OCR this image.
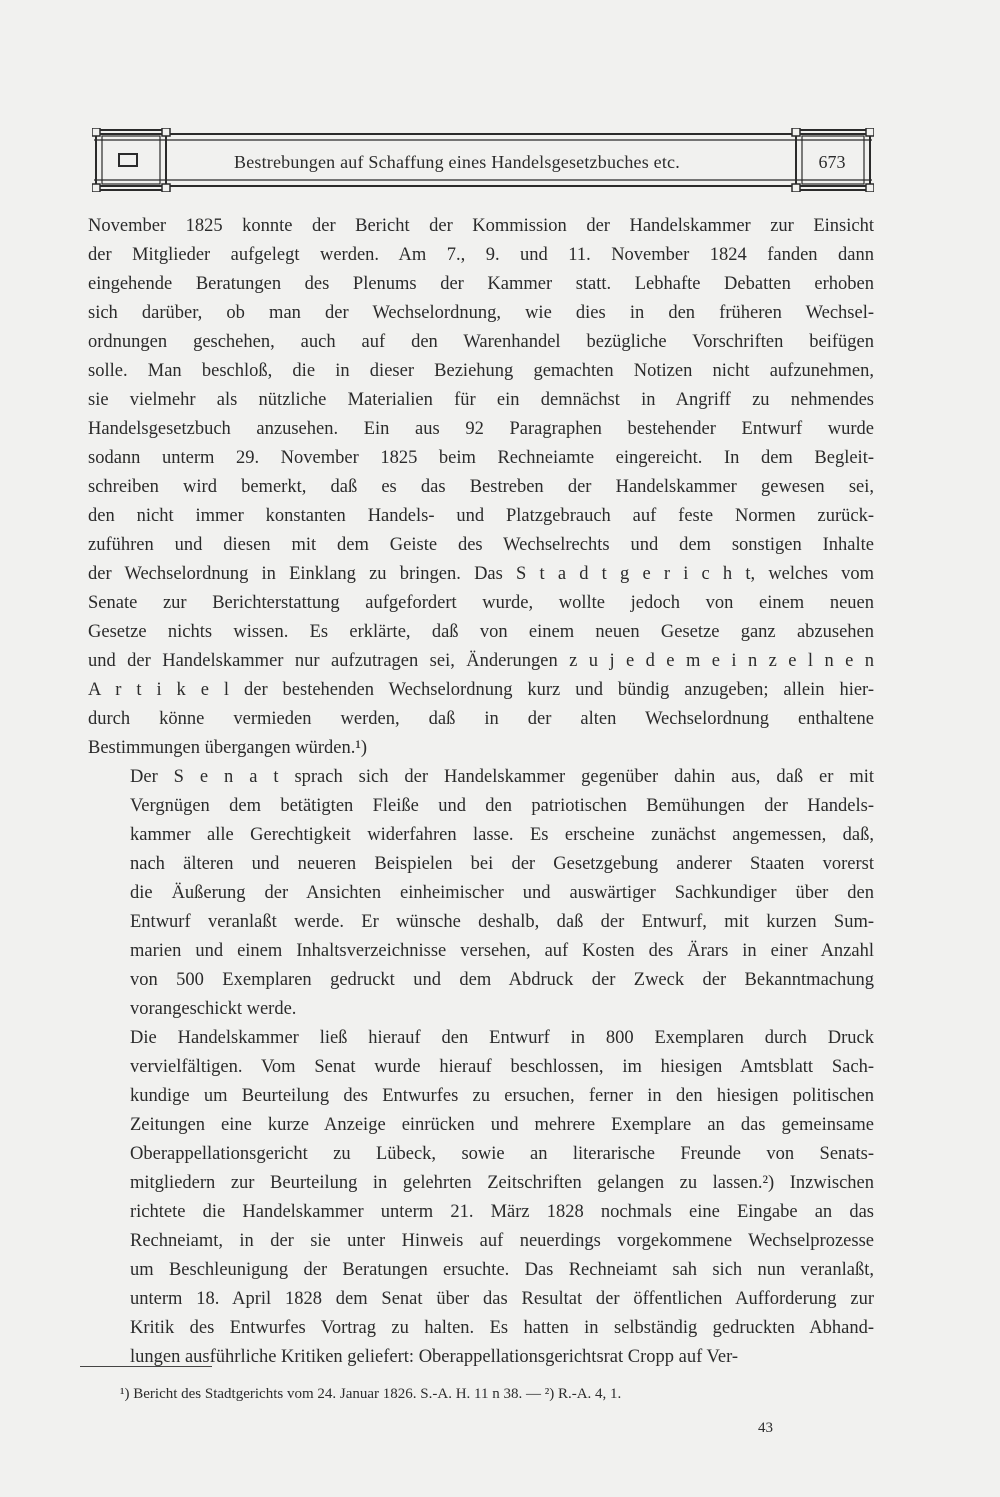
Bestrebungen auf Schaffung eines Handelsgesetzbuches etc.	673

November 1825 konnte der Bericht der Kommission der Handelskammer zur Einsicht
der Mitglieder aufgelegt werden. Am 7., 9. und 11. November 1824 fanden dann
eingehende Beratungen des Plenums der Kammer statt. Lebhafte Debatten erhoben
sich darüber, ob man der Wechselordnung, wie dies in den früheren Wechsel-
ordnungen geschehen, auch auf den Warenhandel bezügliche Vorschriften beifügen
solle. Man beschloß, die in dieser Beziehung gemachten Notizen nicht aufzunehmen,
sie vielmehr als nützliche Materialien für ein demnächst in Angriff zu nehmendes
Handelsgesetzbuch anzusehen. Ein aus 92 Paragraphen bestehender Entwurf wurde
sodann unterm 29. November 1825 beim Rechneiamte eingereicht. In dem Begleit-
schreiben wird bemerkt, daß es das Bestreben der Handelskammer gewesen sei,
den nicht immer konstanten Handels- und Platzgebrauch auf feste Normen zurück-
zuführen und diesen mit dem Geiste des Wechselrechts und dem sonstigen Inhalte
der Wechselordnung in Einklang zu bringen. Das S t a d t g e r i c h t, welches vom
Senate zur Berichterstattung aufgefordert wurde, wollte jedoch von einem neuen
Gesetze nichts wissen. Es erklärte, daß von einem neuen Gesetze ganz abzusehen
und der Handelskammer nur aufzutragen sei, Änderungen z u j e d e m e i n z e l n e n
A r t i k e l der bestehenden Wechselordnung kurz und bündig anzugeben; allein hier-
durch könne vermieden werden, daß in der alten Wechselordnung enthaltene
Bestimmungen übergangen würden.¹)

Der S e n a t sprach sich der Handelskammer gegenüber dahin aus, daß er mit
Vergnügen dem betätigten Fleiße und den patriotischen Bemühungen der Handels-
kammer alle Gerechtigkeit widerfahren lasse. Es erscheine zunächst angemessen, daß,
nach älteren und neueren Beispielen bei der Gesetzgebung anderer Staaten vorerst
die Äußerung der Ansichten einheimischer und auswärtiger Sachkundiger über den
Entwurf veranlaßt werde. Er wünsche deshalb, daß der Entwurf, mit kurzen Sum-
marien und einem Inhaltsverzeichnisse versehen, auf Kosten des Ärars in einer Anzahl
von 500 Exemplaren gedruckt und dem Abdruck der Zweck der Bekanntmachung
vorangeschickt werde.

Die Handelskammer ließ hierauf den Entwurf in 800 Exemplaren durch Druck
vervielfältigen. Vom Senat wurde hierauf beschlossen, im hiesigen Amtsblatt Sach-
kundige um Beurteilung des Entwurfes zu ersuchen, ferner in den hiesigen politischen
Zeitungen eine kurze Anzeige einrücken und mehrere Exemplare an das gemeinsame
Oberappellationsgericht zu Lübeck, sowie an literarische Freunde von Senats-
mitgliedern zur Beurteilung in gelehrten Zeitschriften gelangen zu lassen.²) Inzwischen
richtete die Handelskammer unterm 21. März 1828 nochmals eine Eingabe an das
Rechneiamt, in der sie unter Hinweis auf neuerdings vorgekommene Wechselprozesse
um Beschleunigung der Beratungen ersuchte. Das Rechneiamt sah sich nun veranlaßt,
unterm 18. April 1828 dem Senat über das Resultat der öffentlichen Aufforderung zur
Kritik des Entwurfes Vortrag zu halten. Es hatten in selbständig gedruckten Abhand-
lungen ausführliche Kritiken geliefert: Oberappellationsgerichtsrat Cropp auf Ver-

¹) Bericht des Stadtgerichts vom 24. Januar 1826. S.-A. H. 11 n 38. — ²) R.-A. 4, 1.
43
